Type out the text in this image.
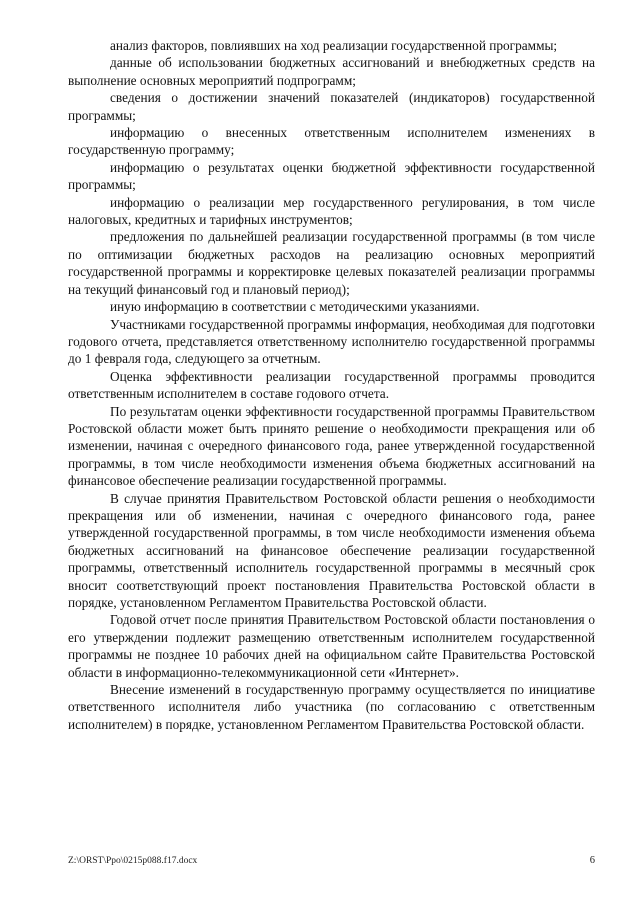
анализ факторов, повлиявших на ход реализации государственной программы;

данные об использовании бюджетных ассигнований и внебюджетных средств на выполнение основных мероприятий подпрограмм;

сведения о достижении значений показателей (индикаторов) государственной программы;

информацию о внесенных ответственным исполнителем изменениях в государственную программу;

информацию о результатах оценки бюджетной эффективности государственной программы;

информацию о реализации мер государственного регулирования, в том числе налоговых, кредитных и тарифных инструментов;

предложения по дальнейшей реализации государственной программы (в том числе по оптимизации бюджетных расходов на реализацию основных мероприятий государственной программы и корректировке целевых показателей реализации программы на текущий финансовый год и плановый период);

иную информацию в соответствии с методическими указаниями.

Участниками государственной программы информация, необходимая для подготовки годового отчета, представляется ответственному исполнителю государственной программы до 1 февраля года, следующего за отчетным.

Оценка эффективности реализации государственной программы проводится ответственным исполнителем в составе годового отчета.

По результатам оценки эффективности государственной программы Правительством Ростовской области может быть принято решение о необходимости прекращения или об изменении, начиная с очередного финансового года, ранее утвержденной государственной программы, в том числе необходимости изменения объема бюджетных ассигнований на финансовое обеспечение реализации государственной программы.

В случае принятия Правительством Ростовской области решения о необходимости прекращения или об изменении, начиная с очередного финансового года, ранее утвержденной государственной программы, в том числе необходимости изменения объема бюджетных ассигнований на финансовое обеспечение реализации государственной программы, ответственный исполнитель государственной программы в месячный срок вносит соответствующий проект постановления Правительства Ростовской области в порядке, установленном Регламентом Правительства Ростовской области.

Годовой отчет после принятия Правительством Ростовской области постановления о его утверждении подлежит размещению ответственным исполнителем государственной программы не позднее 10 рабочих дней на официальном сайте Правительства Ростовской области в информационно-телекоммуникационной сети «Интернет».

Внесение изменений в государственную программу осуществляется по инициативе ответственного исполнителя либо участника (по согласованию с ответственным исполнителем) в порядке, установленном Регламентом Правительства Ростовской области.

Z:\ORST\Ppo\0215p088.f17.docx	6
